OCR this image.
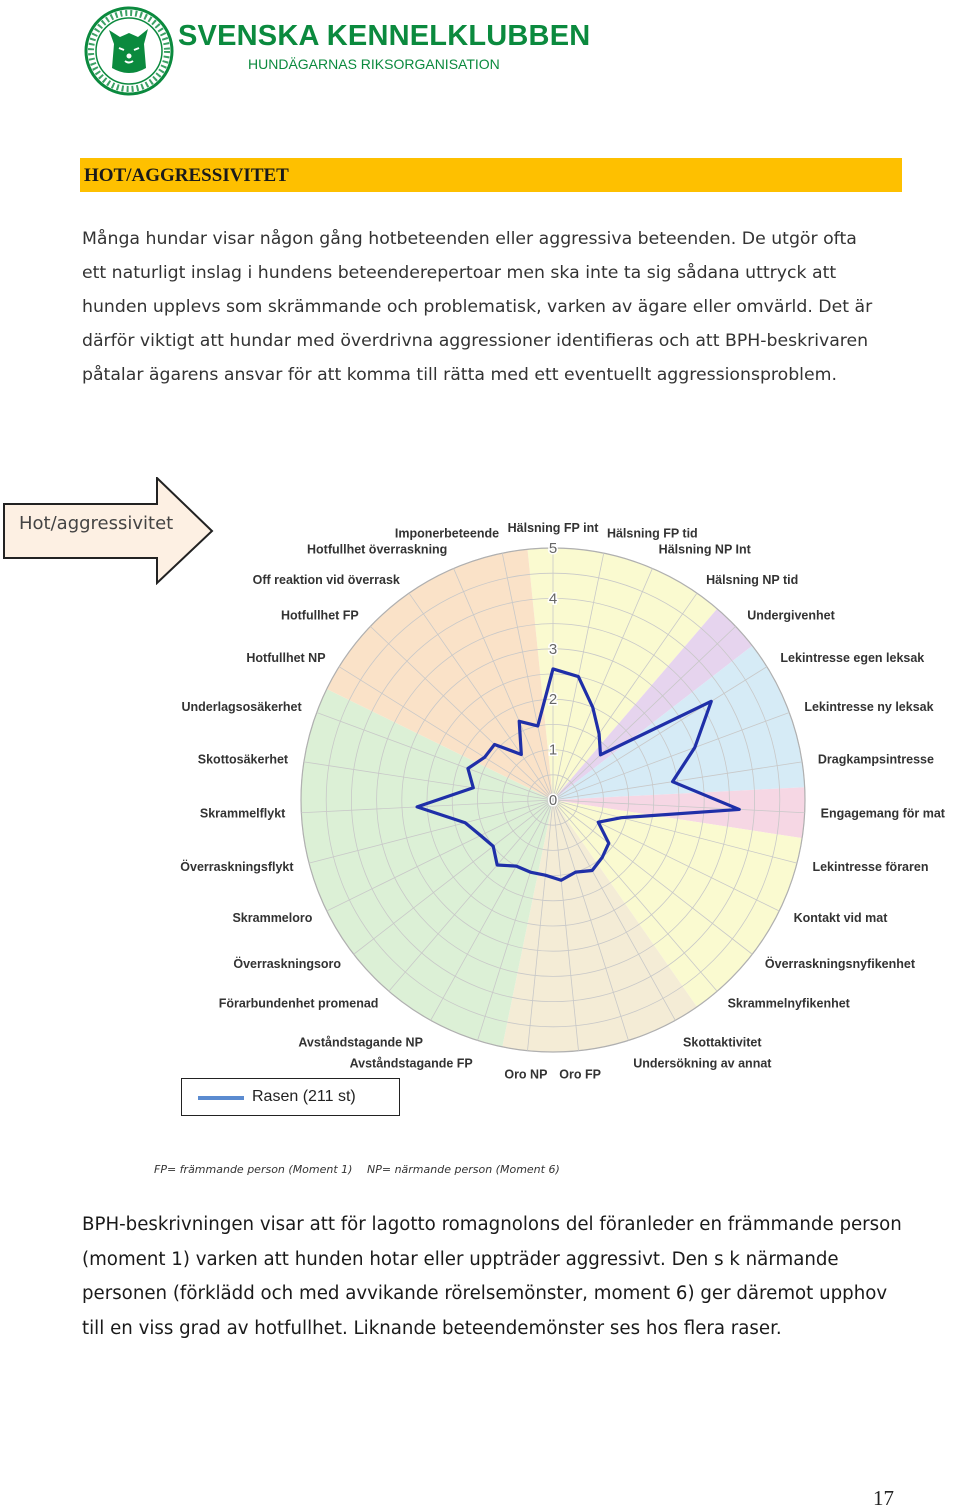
SVENSKA KENNELKLUBBEN
HUNDÄGARNAS RIKSORGANISATION
HOT/AGGRESSIVITET
Många hundar visar någon gång hotbeteenden eller aggressiva beteenden. De utgör ofta
ett naturligt inslag i hundens beteenderepertoar men ska inte ta sig sådana uttryck att
hunden upplevs som skrämmande och problematisk, varken av ägare eller omvärld. Det är
därför viktigt att hundar med överdrivna aggressioner identifieras och att BPH-beskrivaren
påtalar ägarens ansvar för att komma till rätta med ett eventuellt aggressionsproblem.
Hot/aggressivitet
0
1
2
3
4
5
Hälsning FP int Hälsning FP tid
Hälsning NP Int
Hälsning NP tid
Undergivenhet
Lekintresse egen leksak
Lekintresse ny leksak
Dragkampsintresse
Engagemang för mat
Lekintresse föraren
Kontakt vid mat
Överraskningsnyfikenhet
Skrammelnyfikenhet
Skottaktivitet
Undersökning av annat
Oro FP
Oro NP
Avståndstagande FP
Avståndstagande NP
Förarbundenhet promenad
Överraskningsoro
Skrammeloro
Överraskningsflykt
Skrammelflykt
Skottosäkerhet
Underlagsosäkerhet
Hotfullhet NP
Hotfullhet FP
Off reaktion vid överrask
Hotfullhet överraskning
Imponerbeteende
Rasen (211 st)
FP= främmande person (Moment 1) NP= närmande person (Moment 6)
BPH-beskrivningen visar att för lagotto romagnolons del föranleder en främmande person
(moment 1) varken att hunden hotar eller uppträder aggressivt. Den s k närmande
personen (förklädd och med avvikande rörelsemönster, moment 6) ger däremot upphov
till en viss grad av hotfullhet. Liknande beteendemönster ses hos flera raser.
17
